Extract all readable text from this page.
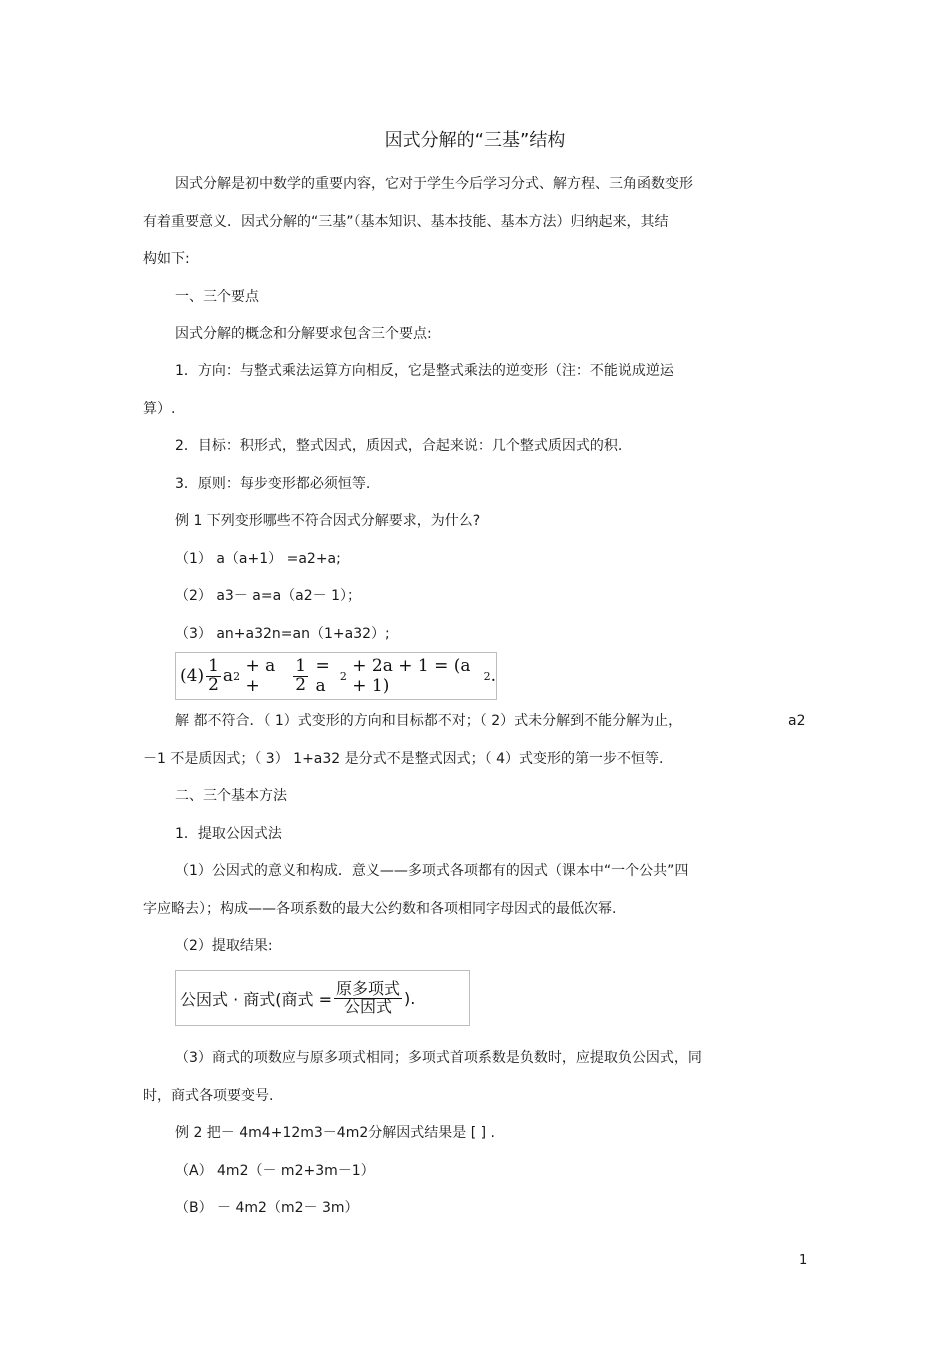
因式分解的“三基”结构
因式分解是初中数学的重要内容，它对于学生今后学习分式、解方程、三角函数变形
有着重要意义．因式分解的“三基”（基本知识、基本技能、基本方法）归纳起来，其结
构如下:
一、三个要点
因式分解的概念和分解要求包含三个要点:
1．方向：与整式乘法运算方向相反，它是整式乘法的逆变形（注：不能说成逆运
算）.
2．目标：积形式，整式因式，质因式，合起来说：几个整式质因式的积.
3．原则：每步变形都必须恒等.
例 1 下列变形哪些不符合因式分解要求，为什么?
（1） a（a+1） =a2+a;
（2） a3－ a=a（a2－ 1）；
（3） an+a32n=an（1+a32）;
$(4) \frac{1}{2}$ a 2
+ a +
	$\frac{1}{2}$
= a	2
+ 2a + 1 = (a + 1)	2 .
解 都不符合．（ 1）式变形的方向和目标都不对；（ 2）式未分解到不能分解为止，	a2
－1 不是质因式；（ 3） 1+a32 是分式不是整式因式；（ 4）式变形的第一步不恒等.
二、三个基本方法
1．提取公因式法
（1）公因式的意义和构成．意义——多项式各项都有的因式（课本中“一个公共”四
字应略去）；构成——各项系数的最大公约数和各项相同字母因式的最低次幂.
（2）提取结果:
公因式 · 商式(商式 = $\frac{\text{原多项式}}{\text{公因式}}$ ).
（3）商式的项数应与原多项式相同；多项式首项系数是负数时，应提取负公因式，同
时，商式各项要变号.
例 2 把－ 4m4+12m3－4m2分解因式结果是 [ ] .
（A） 4m2（－ m2+3m－1）
（B） － 4m2（m2－ 3m）
1
